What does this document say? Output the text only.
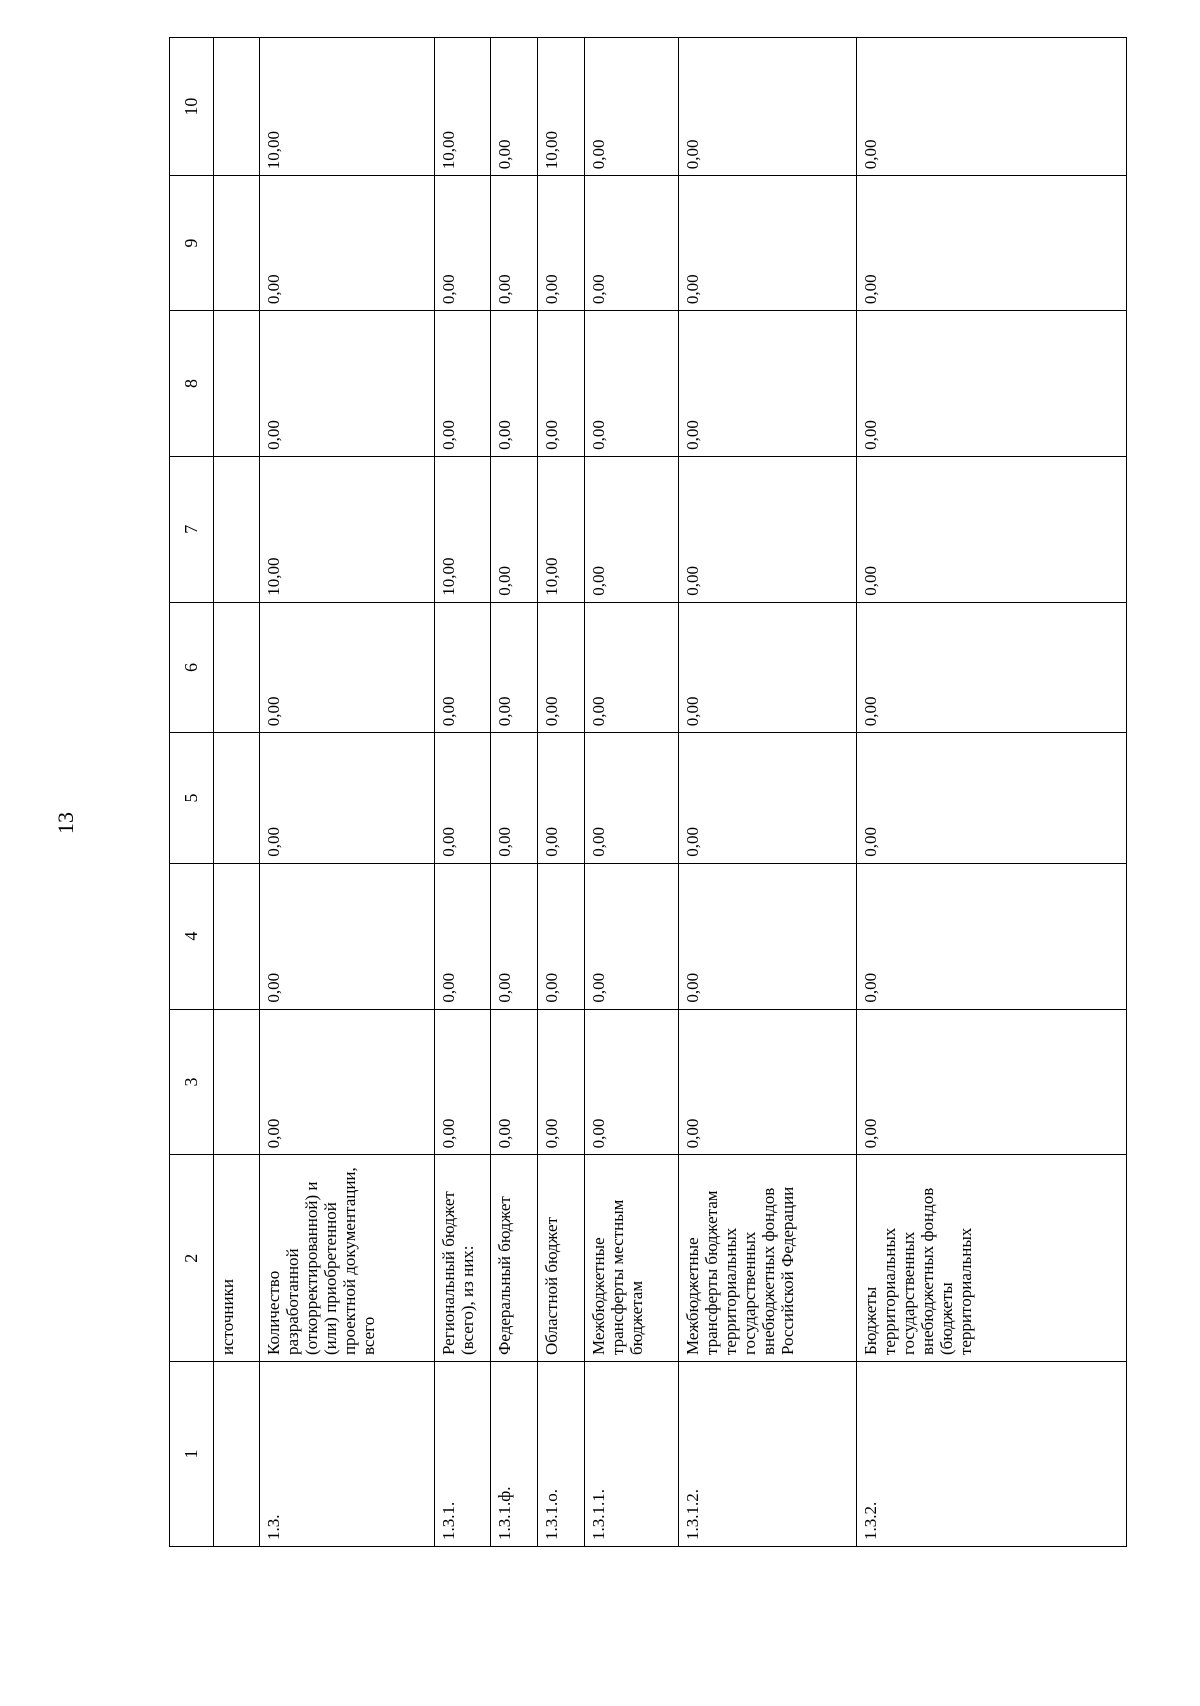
13
1	2	3	4	5	6	7	8	9	10
	источники								
1.3.	Количество разработанной (откорректированной) и (или) приобретенной проектной документации, всего	0,00	0,00	0,00	0,00	10,00	0,00	0,00	10,00
1.3.1.	Региональный бюджет (всего), из них:	0,00	0,00	0,00	0,00	10,00	0,00	0,00	10,00
1.3.1.ф.	Федеральный бюджет	0,00	0,00	0,00	0,00	0,00	0,00	0,00	0,00
1.3.1.о.	Областной бюджет	0,00	0,00	0,00	0,00	10,00	0,00	0,00	10,00
1.3.1.1.	Межбюджетные трансферты местным бюджетам	0,00	0,00	0,00	0,00	0,00	0,00	0,00	0,00
1.3.1.2.	Межбюджетные трансферты бюджетам территориальных государственных внебюджетных фондов Российской Федерации	0,00	0,00	0,00	0,00	0,00	0,00	0,00	0,00
1.3.2.	Бюджеты территориальных государственных внебюджетных фондов (бюджеты территориальных	0,00	0,00	0,00	0,00	0,00	0,00	0,00	0,00
